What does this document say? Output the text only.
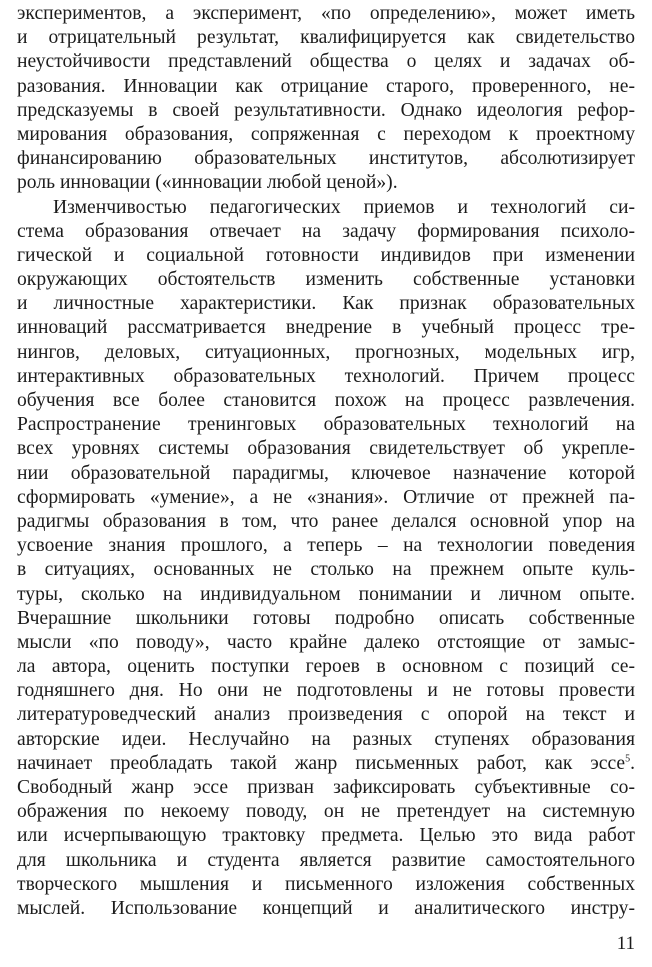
экспериментов, а эксперимент, «по определению», может иметь
и отрицательный результат, квалифицируется как свидетельство
неустойчивости представлений общества о целях и задачах об-
разования. Инновации как отрицание старого, проверенного, не-
предсказуемы в своей результативности. Однако идеология рефор-
мирования образования, сопряженная с переходом к проектному
финансированию образовательных институтов, абсолютизирует
роль инновации («инновации любой ценой»).
Изменчивостью педагогических приемов и технологий си-
стема образования отвечает на задачу формирования психоло-
гической и социальной готовности индивидов при изменении
окружающих обстоятельств изменить собственные установки
и личностные характеристики. Как признак образовательных
инноваций рассматривается внедрение в учебный процесс тре-
нингов, деловых, ситуационных, прогнозных, модельных игр,
интерактивных образовательных технологий. Причем процесс
обучения все более становится похож на процесс развлечения.
Распространение тренинговых образовательных технологий на
всех уровнях системы образования свидетельствует об укрепле-
нии образовательной парадигмы, ключевое назначение которой
сформировать «умение», а не «знания». Отличие от прежней па-
радигмы образования в том, что ранее делался основной упор на
усвоение знания прошлого, а теперь – на технологии поведения
в ситуациях, основанных не столько на прежнем опыте куль-
туры, сколько на индивидуальном понимании и личном опыте.
Вчерашние школьники готовы подробно описать собственные
мысли «по поводу», часто крайне далеко отстоящие от замыс-
ла автора, оценить поступки героев в основном с позиций се-
годняшнего дня. Но они не подготовлены и не готовы провести
литературоведческий анализ произведения с опорой на текст и
авторские идеи. Неслучайно на разных ступенях образования
начинает преобладать такой жанр письменных работ, как эссе$^5$.
Свободный жанр эссе призван зафиксировать субъективные со-
ображения по некоему поводу, он не претендует на системную
или исчерпывающую трактовку предмета. Целью это вида работ
для школьника и студента является развитие самостоятельного
творческого мышления и письменного изложения собственных
мыслей. Использование концепций и аналитического инстру-
11
